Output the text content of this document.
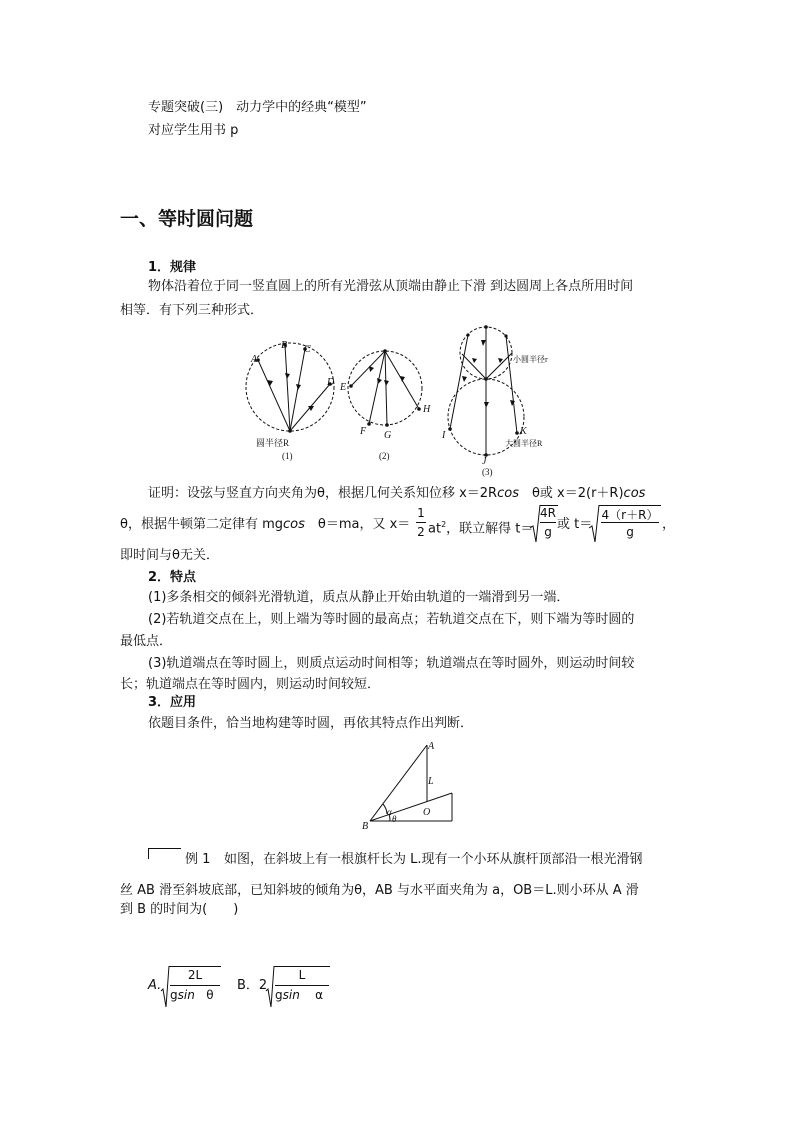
专题突破(三)　动力学中的经典“模型”
对应学生用书 p
一、等时圆问题
1．规律
物体沿着位于同一竖直圆上的所有光滑弦从顶端由静止下滑 到达圆周上各点所用时间
相等．有下列三种形式．
A
B C
D E
F G
H
I
J
K
圆半径R
(1)	(2)
(3)
小圆半径r
大圆半径R
证明：设弦与竖直方向夹角为θ，根据几何关系知位移 x＝2Rcos　θ或 x＝2(r＋R)cos
θ，根据牛顿第二定律有 mgcos　θ＝ma，又 x＝
1
2 $at^2$，联立解得 t＝
4R
g 或 t＝
4（r＋R）
g	，
即时间与θ无关．
2．特点
(1)多条相交的倾斜光滑轨道，质点从静止开始由轨道的一端滑到另一端．
(2)若轨道交点在上，则上端为等时圆的最高点；若轨道交点在下，则下端为等时圆的
最低点．
(3)轨道端点在等时圆上，则质点运动时间相等；轨道端点在等时圆外，则运动时间较
长；轨道端点在等时圆内，则运动时间较短．
3．应用
依题目条件，恰当地构建等时圆，再依其特点作出判断．
A
L
O
α
θ
B
例 1 如图，在斜坡上有一根旗杆长为 L.现有一个小环从旗杆顶部沿一根光滑钢
丝 AB 滑至斜坡底部，已知斜坡的倾角为θ，AB 与水平面夹角为 a，OB＝L.则小环从 A 滑
到 B 的时间为(　　)
A.
2L
gsin θ
B．2
L
gsin α
